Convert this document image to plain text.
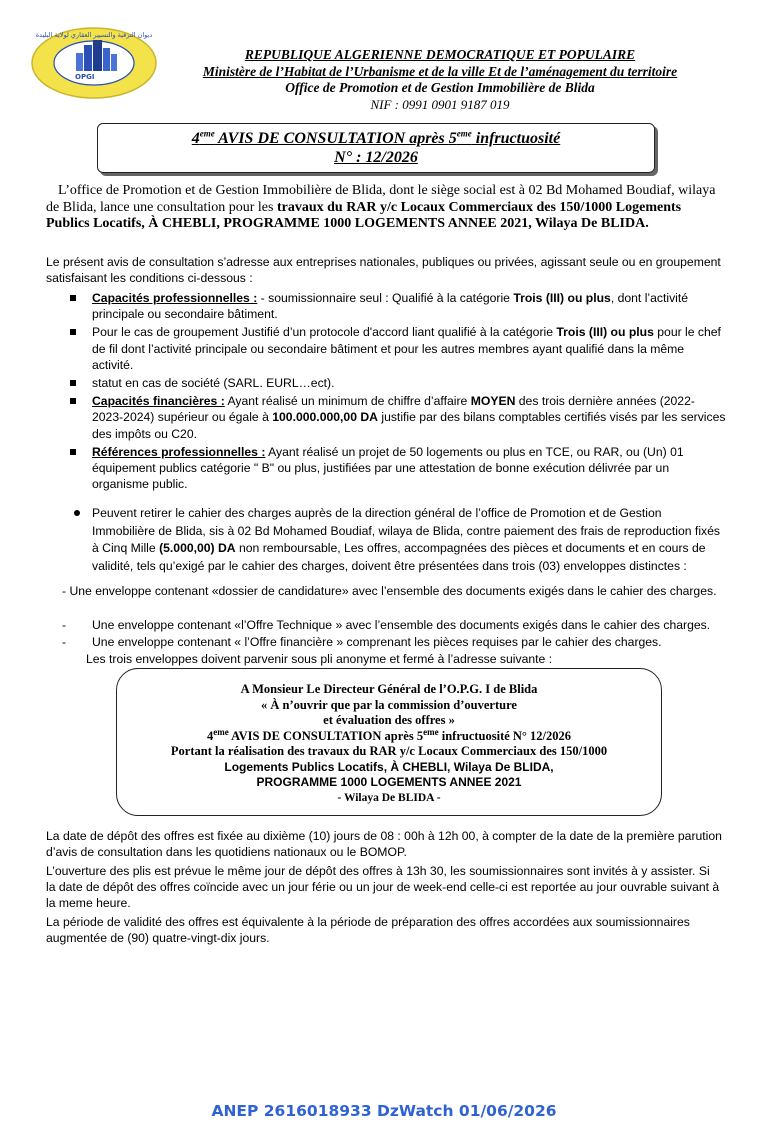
OPGI
ديوان الترقية والتسيير العقاري لولاية البليدة
REPUBLIQUE ALGERIENNE DEMOCRATIQUE ET POPULAIRE
Ministère de l’Habitat de l’Urbanisme et de la ville Et de l’aménagement du territoire
Office de Promotion et de Gestion Immobilière de Blida
NIF : 0991 0901 9187 019
4eme AVIS DE CONSULTATION après 5eme infructuosité
N° : 12/2026
L’office de Promotion et de Gestion Immobilière de Blida, dont le siège social est à 02 Bd Mohamed Boudiaf, wilaya de Blida, lance une consultation pour les travaux du RAR y/c Locaux Commerciaux des 150/1000 Logements Publics Locatifs, À CHEBLI, PROGRAMME 1000 LOGEMENTS ANNEE 2021, Wilaya De BLIDA.
Le présent avis de consultation s’adresse aux entreprises nationales, publiques ou privées, agissant seule ou en groupement satisfaisant les conditions ci-dessous :
Capacités professionnelles : - soumissionnaire seul : Qualifié à la catégorie Trois (III) ou plus, dont l’activité principale ou secondaire bâtiment.
Pour le cas de groupement Justifié d’un protocole d'accord liant qualifié à la catégorie Trois (III) ou plus pour le chef de fil dont l’activité principale ou secondaire bâtiment et pour les autres membres ayant qualifié dans la même activité.
statut en cas de société (SARL. EURL…ect).
Capacités financières : Ayant réalisé un minimum de chiffre d’affaire MOYEN des trois dernière années (2022-2023-2024) supérieur ou égale à 100.000.000,00 DA justifie par des bilans comptables certifiés visés par les services des impôts ou C20.
Références professionnelles : Ayant réalisé un projet de 50 logements ou plus en TCE, ou RAR, ou (Un) 01 équipement publics catégorie " B" ou plus, justifiées par une attestation de bonne exécution délivrée par un organisme public.
Peuvent retirer le cahier des charges auprès de la direction général de l’office de Promotion et de Gestion Immobilière de Blida, sis à 02 Bd Mohamed Boudiaf, wilaya de Blida, contre paiement des frais de reproduction fixés à Cinq Mille (5.000,00) DA non remboursable, Les offres, accompagnées des pièces et documents et en cours de validité, tels qu’exigé par le cahier des charges, doivent être présentées dans trois (03) enveloppes distinctes :
- Une enveloppe contenant «dossier de candidature» avec l’ensemble des documents exigés dans le cahier des charges.
- Une enveloppe contenant «l’Offre Technique » avec l’ensemble des documents exigés dans le cahier des charges.
- Une enveloppe contenant « l’Offre financière » comprenant les pièces requises par le cahier des charges.
Les trois enveloppes doivent parvenir sous pli anonyme et fermé à l’adresse suivante :
A Monsieur Le Directeur Général de l’O.P.G. I de Blida
« À n’ouvrir que par la commission d’ouverture
et évaluation des offres »
4eme AVIS DE CONSULTATION après 5eme infructuosité N° 12/2026
Portant la réalisation des travaux du RAR y/c Locaux Commerciaux des 150/1000
Logements Publics Locatifs, À CHEBLI, Wilaya De BLIDA,
PROGRAMME 1000 LOGEMENTS ANNEE 2021
- Wilaya De BLIDA -
La date de dépôt des offres est fixée au dixième (10) jours de 08 : 00h à 12h 00, à compter de la date de la première parution d’avis de consultation dans les quotidiens nationaux ou le BOMOP.
L’ouverture des plis est prévue le même jour de dépôt des offres à 13h 30, les soumissionnaires sont invités à y assister. Si la date de dépôt des offres coïncide avec un jour férie ou un jour de week-end celle-ci est reportée au jour ouvrable suivant à la meme heure.
La période de validité des offres est équivalente à la période de préparation des offres accordées aux soumissionnaires augmentée de (90) quatre-vingt-dix jours.
ANEP 2616018933 DzWatch 01/06/2026
